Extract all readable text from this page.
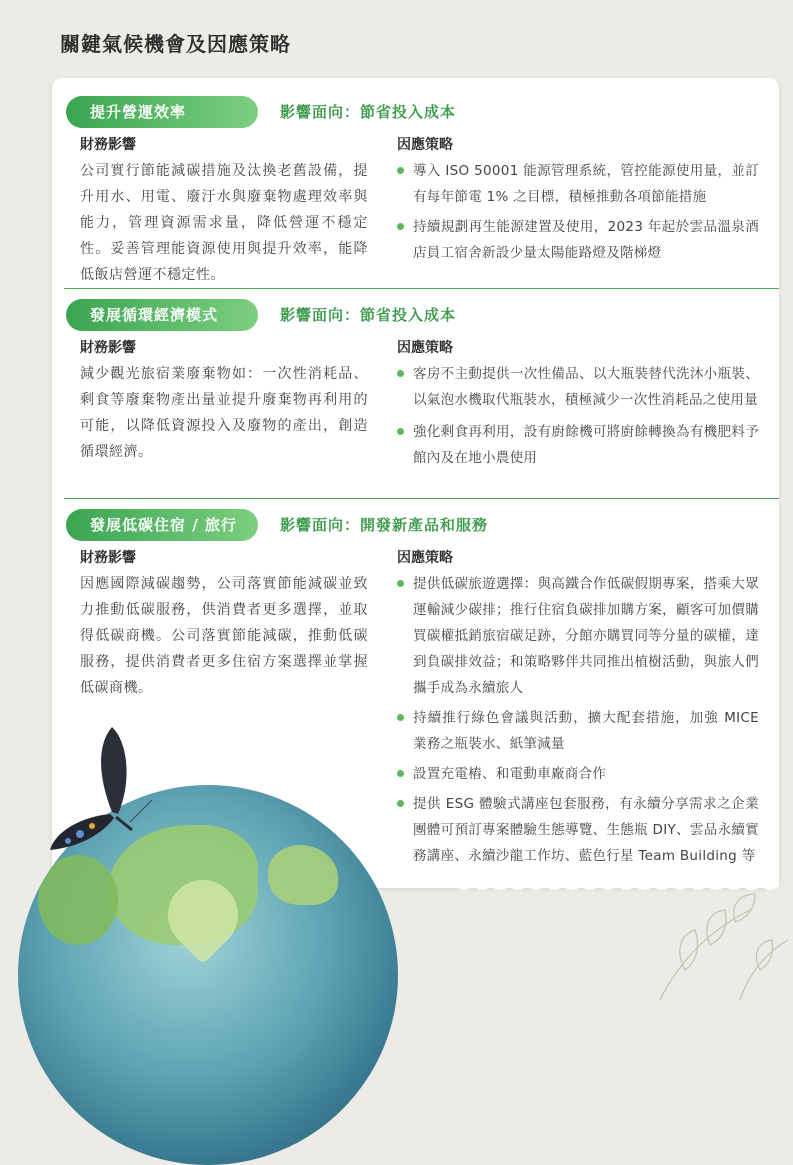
關鍵氣候機會及因應策略
提升營運效率	影響面向：節省投入成本
財務影響	因應策略
公司實行節能減碳措施及汰換老舊設備，提升用水、用電、廢汙水與廢棄物處理效率與能力，管理資源需求量，降低營運不穩定性。妥善管理能資源使用與提升效率，能降低飯店營運不穩定性。
導入 ISO 50001 能源管理系統，管控能源使用量，並訂有每年節電 1% 之目標，積極推動各項節能措施
持續規劃再生能源建置及使用，2023 年起於雲品溫泉酒店員工宿舍新設少量太陽能路燈及階梯燈
發展循環經濟模式	影響面向：節省投入成本
財務影響	因應策略
減少觀光旅宿業廢棄物如：一次性消耗品、剩食等廢棄物產出量並提升廢棄物再利用的可能，以降低資源投入及廢物的產出，創造循環經濟。
客房不主動提供一次性備品、以大瓶裝替代洗沐小瓶裝、以氣泡水機取代瓶裝水，積極減少一次性消耗品之使用量
強化剩食再利用，設有廚餘機可將廚餘轉換為有機肥料予館內及在地小農使用
發展低碳住宿 / 旅行	影響面向：開發新產品和服務
財務影響	因應策略
因應國際減碳趨勢，公司落實節能減碳並致力推動低碳服務，供消費者更多選擇，並取得低碳商機。公司落實節能減碳，推動低碳服務，提供消費者更多住宿方案選擇並掌握低碳商機。
提供低碳旅遊選擇：與高鐵合作低碳假期專案，搭乘大眾運輸減少碳排；推行住宿負碳排加購方案，顧客可加價購買碳權抵銷旅宿碳足跡，分館亦購買同等分量的碳權，達到負碳排效益；和策略夥伴共同推出植樹活動，與旅人們攜手成為永續旅人
持續推行綠色會議與活動，擴大配套措施，加強 MICE 業務之瓶裝水、紙筆減量
設置充電樁、和電動車廠商合作
提供 ESG 體驗式講座包套服務，有永續分享需求之企業團體可預訂專案體驗生態導覽、生態瓶 DIY、雲品永續實務講座、永續沙龍工作坊、藍色行星 Team Building 等
